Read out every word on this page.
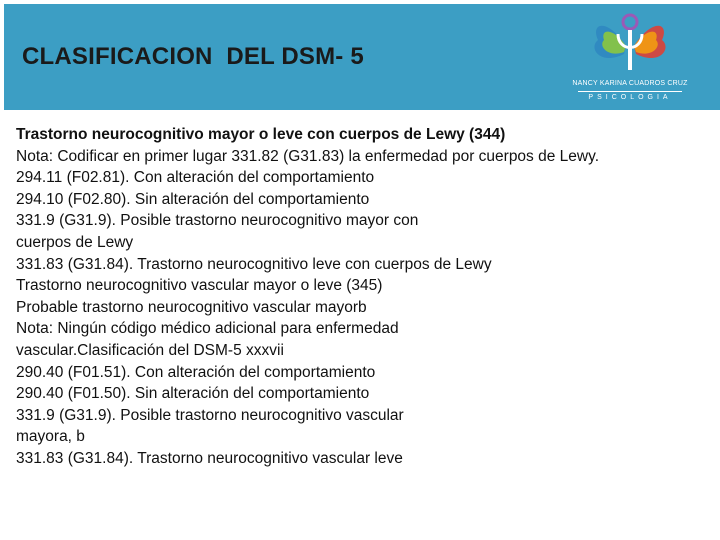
CLASIFICACION  DEL DSM- 5
NANCY KARINA CUADROS CRUZ
PSICOLOGIA
Trastorno neurocognitivo mayor o leve con cuerpos de Lewy (344)
Nota: Codificar en primer lugar 331.82 (G31.83) la enfermedad por cuerpos de Lewy.
294.11 (F02.81). Con alteración del comportamiento
294.10 (F02.80). Sin alteración del comportamiento
331.9 (G31.9). Posible trastorno neurocognitivo mayor con
cuerpos de Lewy
331.83 (G31.84). Trastorno neurocognitivo leve con cuerpos de Lewy
Trastorno neurocognitivo vascular mayor o leve (345)
Probable trastorno neurocognitivo vascular mayorb
Nota: Ningún código médico adicional para enfermedad
vascular.Clasificación del DSM-5 xxxvii
290.40 (F01.51). Con alteración del comportamiento
290.40 (F01.50). Sin alteración del comportamiento
331.9 (G31.9). Posible trastorno neurocognitivo vascular
mayora, b
331.83 (G31.84). Trastorno neurocognitivo vascular leve
